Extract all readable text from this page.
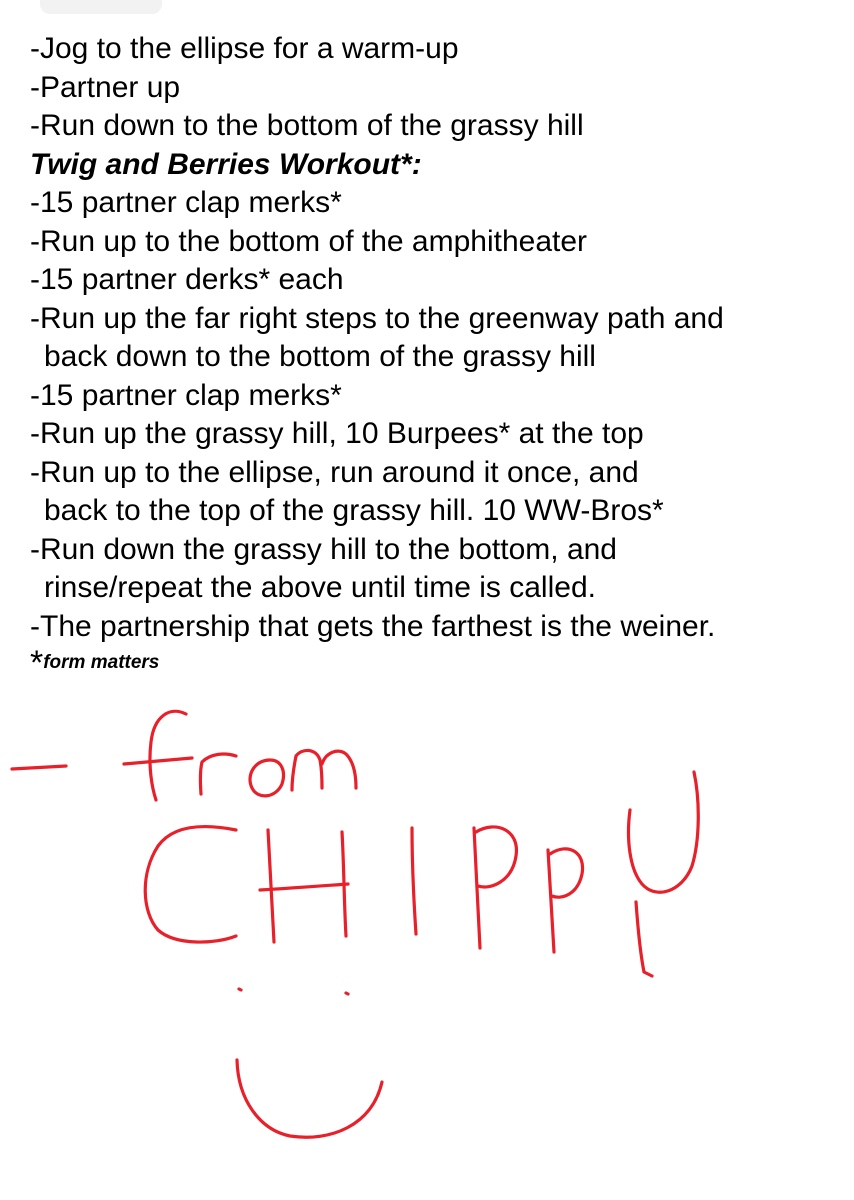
-Jog to the ellipse for a warm-up
-Partner up
-Run down to the bottom of the grassy hill
Twig and Berries Workout*:
-15 partner clap merks*
-Run up to the bottom of the amphitheater
-15 partner derks* each
-Run up the far right steps to the greenway path and
back down to the bottom of the grassy hill
-15 partner clap merks*
-Run up the grassy hill, 10 Burpees* at the top
-Run up to the ellipse, run around it once, and
back to the top of the grassy hill. 10 WW-Bros*
-Run down the grassy hill to the bottom, and
rinse/repeat the above until time is called.
-The partnership that gets the farthest is the weiner.
*form matters
